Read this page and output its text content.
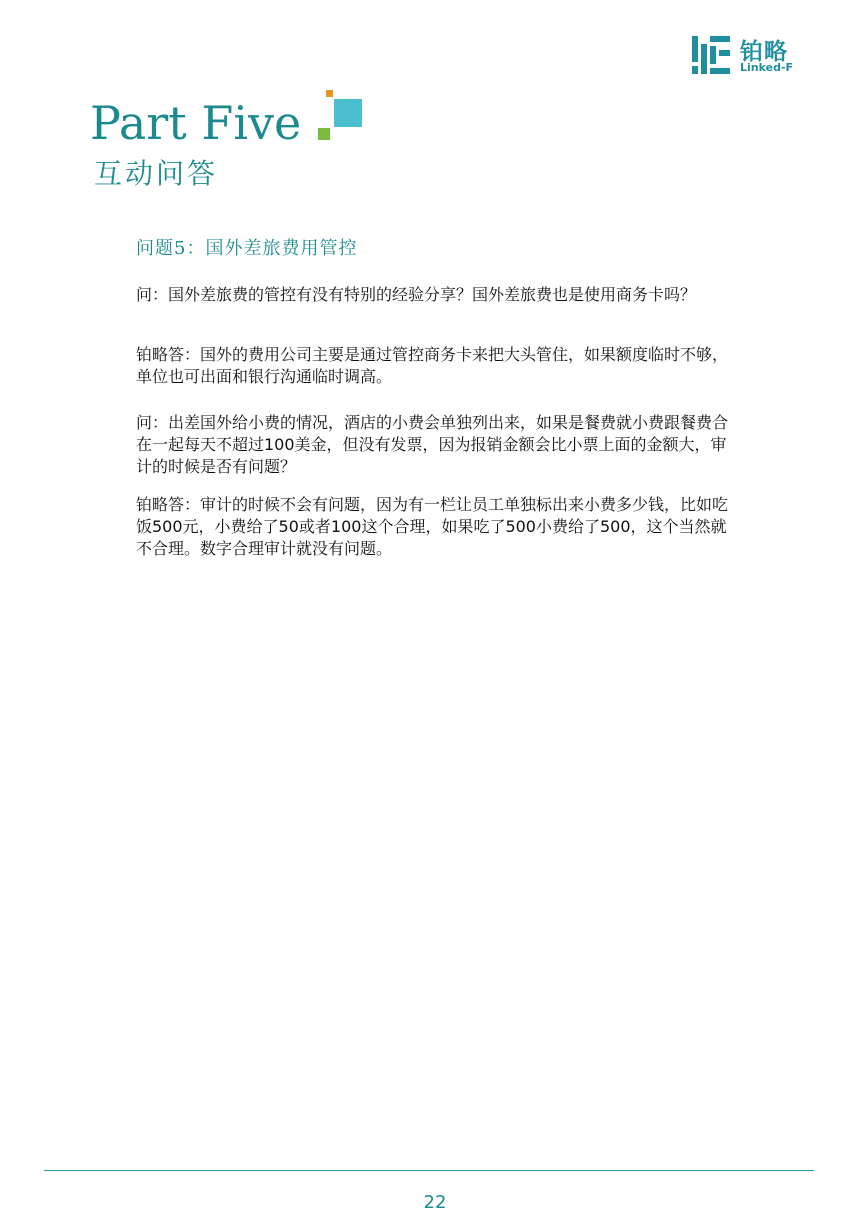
铂略
Linked-F
Part Five
互动问答
问题5：国外差旅费用管控

问：国外差旅费的管控有没有特别的经验分享？国外差旅费也是使用商务卡吗？

铂略答：国外的费用公司主要是通过管控商务卡来把大头管住，如果额度临时不够，单位也可出面和银行沟通临时调高。

问：出差国外给小费的情况，酒店的小费会单独列出来，如果是餐费就小费跟餐费合在一起每天不超过100美金，但没有发票，因为报销金额会比小票上面的金额大，审计的时候是否有问题？

铂略答：审计的时候不会有问题，因为有一栏让员工单独标出来小费多少钱，比如吃饭500元，小费给了50或者100这个合理，如果吃了500小费给了500，这个当然就不合理。数字合理审计就没有问题。

22
